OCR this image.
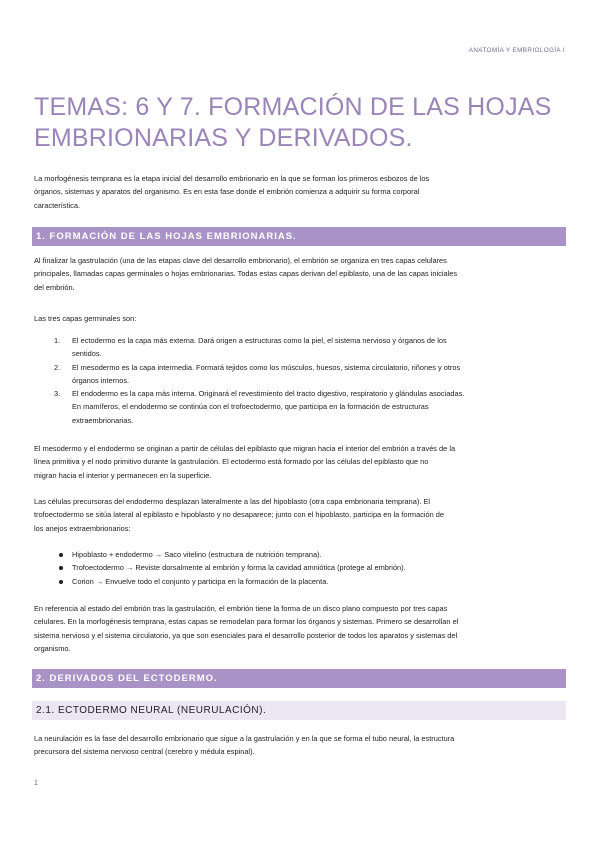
ANATOMÍA Y EMBRIOLOGÍA I
TEMAS: 6 Y 7. FORMACIÓN DE LAS HOJAS
EMBRIONARIAS Y DERIVADOS.

La morfogénesis temprana es la etapa inicial del desarrollo embrionario en la que se forman los primeros esbozos de los
órganos, sistemas y aparatos del organismo. Es en esta fase donde el embrión comienza a adquirir su forma corporal
característica.

1. FORMACIÓN DE LAS HOJAS EMBRIONARIAS.

Al finalizar la gastrulación (una de las etapas clave del desarrollo embrionario), el embrión se organiza en tres capas celulares
principales, llamadas capas germinales o hojas embrionarias. Todas estas capas derivan del epiblasto, una de las capas iniciales
del embrión.

Las tres capas germinales son:

1. El ectodermo es la capa más externa. Dará origen a estructuras como la piel, el sistema nervioso y órganos de los
sentidos.
2. El mesodermo es la capa intermedia. Formará tejidos como los músculos, huesos, sistema circulatorio, riñones y otros
órganos internos.
3. El endodermo es la capa más interna. Originará el revestimiento del tracto digestivo, respiratorio y glándulas asociadas.
En mamíferos, el endodermo se continúa con el trofoectodermo, que participa en la formación de estructuras
extraembrionarias.

El mesodermo y el endodermo se originan a partir de células del epiblasto que migran hacia el interior del embrión a través de la
línea primitiva y el nodo primitivo durante la gastrulación. El ectodermo está formado por las células del epiblasto que no
migran hacia el interior y permanecen en la superficie.

Las células precursoras del endodermo desplazan lateralmente a las del hipoblasto (otra capa embrionaria temprana). El
trofoectodermo se sitúa lateral al epiblasto e hipoblasto y no desaparece; junto con el hipoblasto, participa en la formación de
los anejos extraembrionarios:

Hipoblasto + endodermo → Saco vitelino (estructura de nutrición temprana).
Trofoectodermo → Reviste dorsalmente al embrión y forma la cavidad amniótica (protege al embrión).
Corion → Envuelve todo el conjunto y participa en la formación de la placenta.

En referencia al estado del embrión tras la gastrulación, el embrión tiene la forma de un disco plano compuesto por tres capas
celulares. En la morfogénesis temprana, estas capas se remodelan para formar los órganos y sistemas. Primero se desarrollan el
sistema nervioso y el sistema circulatorio, ya que son esenciales para el desarrollo posterior de todos los aparatos y sistemas del
organismo.

2. DERIVADOS DEL ECTODERMO.
2.1. ECTODERMO NEURAL (NEURULACIÓN).

La neurulación es la fase del desarrollo embrionario que sigue a la gastrulación y en la que se forma el tubo neural, la estructura
precursora del sistema nervioso central (cerebro y médula espinal).

1
